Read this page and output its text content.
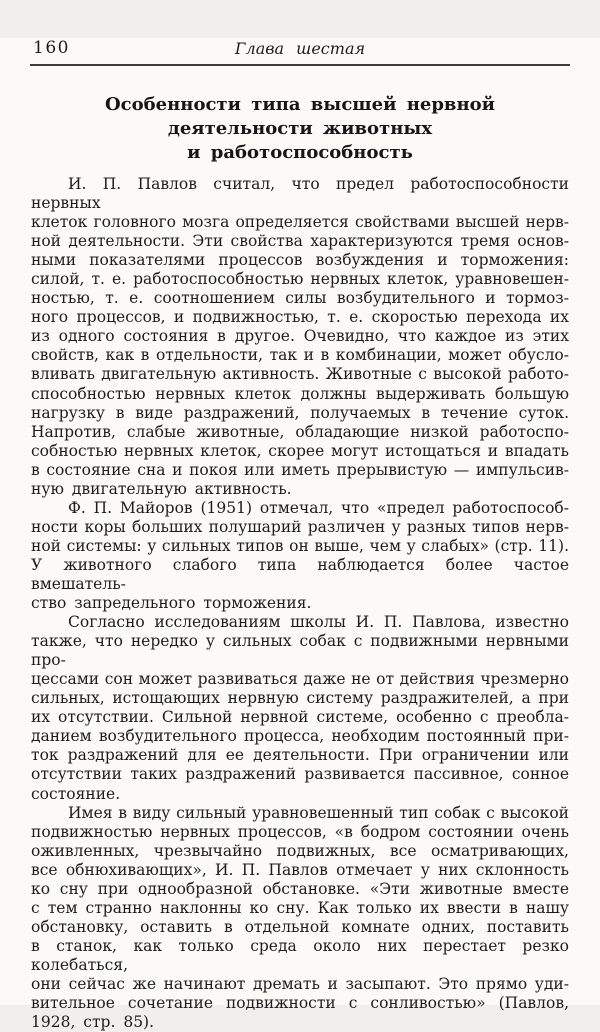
160	Глава шестая
Особенности типа высшей нервной деятельности животных
и работоспособность

И. П. Павлов считал, что предел работоспособности нервных
клеток головного мозга определяется свойствами высшей нерв-
ной деятельности. Эти свойства характеризуются тремя основ-
ными показателями процессов возбуждения и торможения:
силой, т. е. работоспособностью нервных клеток, уравновешен-
ностью, т. е. соотношением силы возбудительного и тормоз-
ного процессов, и подвижностью, т. е. скоростью перехода их
из одного состояния в другое. Очевидно, что каждое из этих
свойств, как в отдельности, так и в комбинации, может обусло-
вливать двигательную активность. Животные с высокой работо-
способностью нервных клеток должны выдерживать большую
нагрузку в виде раздражений, получаемых в течение суток.
Напротив, слабые животные, обладающие низкой работоспо-
собностью нервных клеток, скорее могут истощаться и впадать
в состояние сна и покоя или иметь прерывистую — импульсив-
ную двигательную активность.

Ф. П. Майоров (1951) отмечал, что «предел работоспособ-
ности коры больших полушарий различен у разных типов нерв-
ной системы: у сильных типов он выше, чем у слабых» (стр. 11).
У животного слабого типа наблюдается более частое вмешатель-
ство запредельного торможения.

Согласно исследованиям школы И. П. Павлова, известно
также, что нередко у сильных собак с подвижными нервными про-
цессами сон может развиваться даже не от действия чрезмерно
сильных, истощающих нервную систему раздражителей, а при
их отсутствии. Сильной нервной системе, особенно с преобла-
данием возбудительного процесса, необходим постоянный при-
ток раздражений для ее деятельности. При ограничении или
отсутствии таких раздражений развивается пассивное, сонное
состояние.

Имея в виду сильный уравновешенный тип собак с высокой
подвижностью нервных процессов, «в бодром состоянии очень
оживленных, чрезвычайно подвижных, все осматривающих,
все обнюхивающих», И. П. Павлов отмечает у них склонность
ко сну при однообразной обстановке. «Эти животные вместе
с тем странно наклонны ко сну. Как только их ввести в нашу
обстановку, оставить в отдельной комнате одних, поставить
в станок, как только среда около них перестает резко колебаться,
они сейчас же начинают дремать и засыпают. Это прямо уди-
вительное сочетание подвижности с сонливостью» (Павлов,
1928, стр. 85).
